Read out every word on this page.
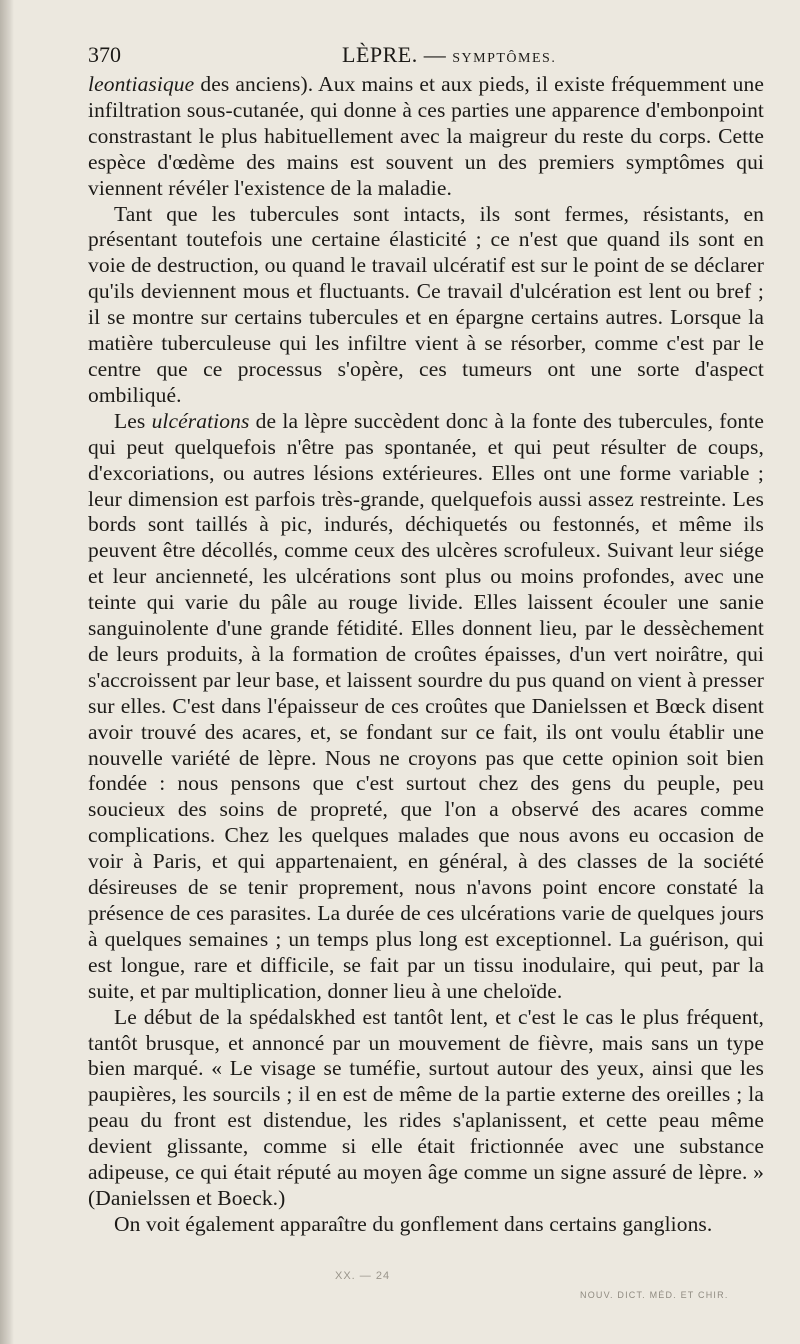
370	LÈPRE. — SYMPTÔMES.

leontiasique des anciens). Aux mains et aux pieds, il existe fréquemment une infiltration sous-cutanée, qui donne à ces parties une apparence d'embonpoint constrastant le plus habituellement avec la maigreur du reste du corps. Cette espèce d'œdème des mains est souvent un des premiers symptômes qui viennent révéler l'existence de la maladie.

Tant que les tubercules sont intacts, ils sont fermes, résistants, en présentant toutefois une certaine élasticité ; ce n'est que quand ils sont en voie de destruction, ou quand le travail ulcératif est sur le point de se déclarer qu'ils deviennent mous et fluctuants. Ce travail d'ulcération est lent ou bref ; il se montre sur certains tubercules et en épargne certains autres. Lorsque la matière tuberculeuse qui les infiltre vient à se résorber, comme c'est par le centre que ce processus s'opère, ces tumeurs ont une sorte d'aspect ombiliqué.

Les ulcérations de la lèpre succèdent donc à la fonte des tubercules, fonte qui peut quelquefois n'être pas spontanée, et qui peut résulter de coups, d'excoriations, ou autres lésions extérieures. Elles ont une forme variable ; leur dimension est parfois très-grande, quelquefois aussi assez restreinte. Les bords sont taillés à pic, indurés, déchiquetés ou festonnés, et même ils peuvent être décollés, comme ceux des ulcères scrofuleux. Suivant leur siége et leur ancienneté, les ulcérations sont plus ou moins profondes, avec une teinte qui varie du pâle au rouge livide. Elles laissent écouler une sanie sanguinolente d'une grande fétidité. Elles donnent lieu, par le dessèchement de leurs produits, à la formation de croûtes épaisses, d'un vert noirâtre, qui s'accroissent par leur base, et laissent sourdre du pus quand on vient à presser sur elles. C'est dans l'épaisseur de ces croûtes que Danielssen et Bœck disent avoir trouvé des acares, et, se fondant sur ce fait, ils ont voulu établir une nouvelle variété de lèpre. Nous ne croyons pas que cette opinion soit bien fondée : nous pensons que c'est surtout chez des gens du peuple, peu soucieux des soins de propreté, que l'on a observé des acares comme complications. Chez les quelques malades que nous avons eu occasion de voir à Paris, et qui appartenaient, en général, à des classes de la société désireuses de se tenir proprement, nous n'avons point encore constaté la présence de ces parasites. La durée de ces ulcérations varie de quelques jours à quelques semaines ; un temps plus long est exceptionnel. La guérison, qui est longue, rare et difficile, se fait par un tissu inodulaire, qui peut, par la suite, et par multiplication, donner lieu à une cheloïde.

Le début de la spédalskhed est tantôt lent, et c'est le cas le plus fréquent, tantôt brusque, et annoncé par un mouvement de fièvre, mais sans un type bien marqué. « Le visage se tuméfie, surtout autour des yeux, ainsi que les paupières, les sourcils ; il en est de même de la partie externe des oreilles ; la peau du front est distendue, les rides s'aplanissent, et cette peau même devient glissante, comme si elle était frictionnée avec une substance adipeuse, ce qui était réputé au moyen âge comme un signe assuré de lèpre. » (Danielssen et Boeck.)

On voit également apparaître du gonflement dans certains ganglions.

XX. — 24
NOUV. DICT. MÉD. ET CHIR.
